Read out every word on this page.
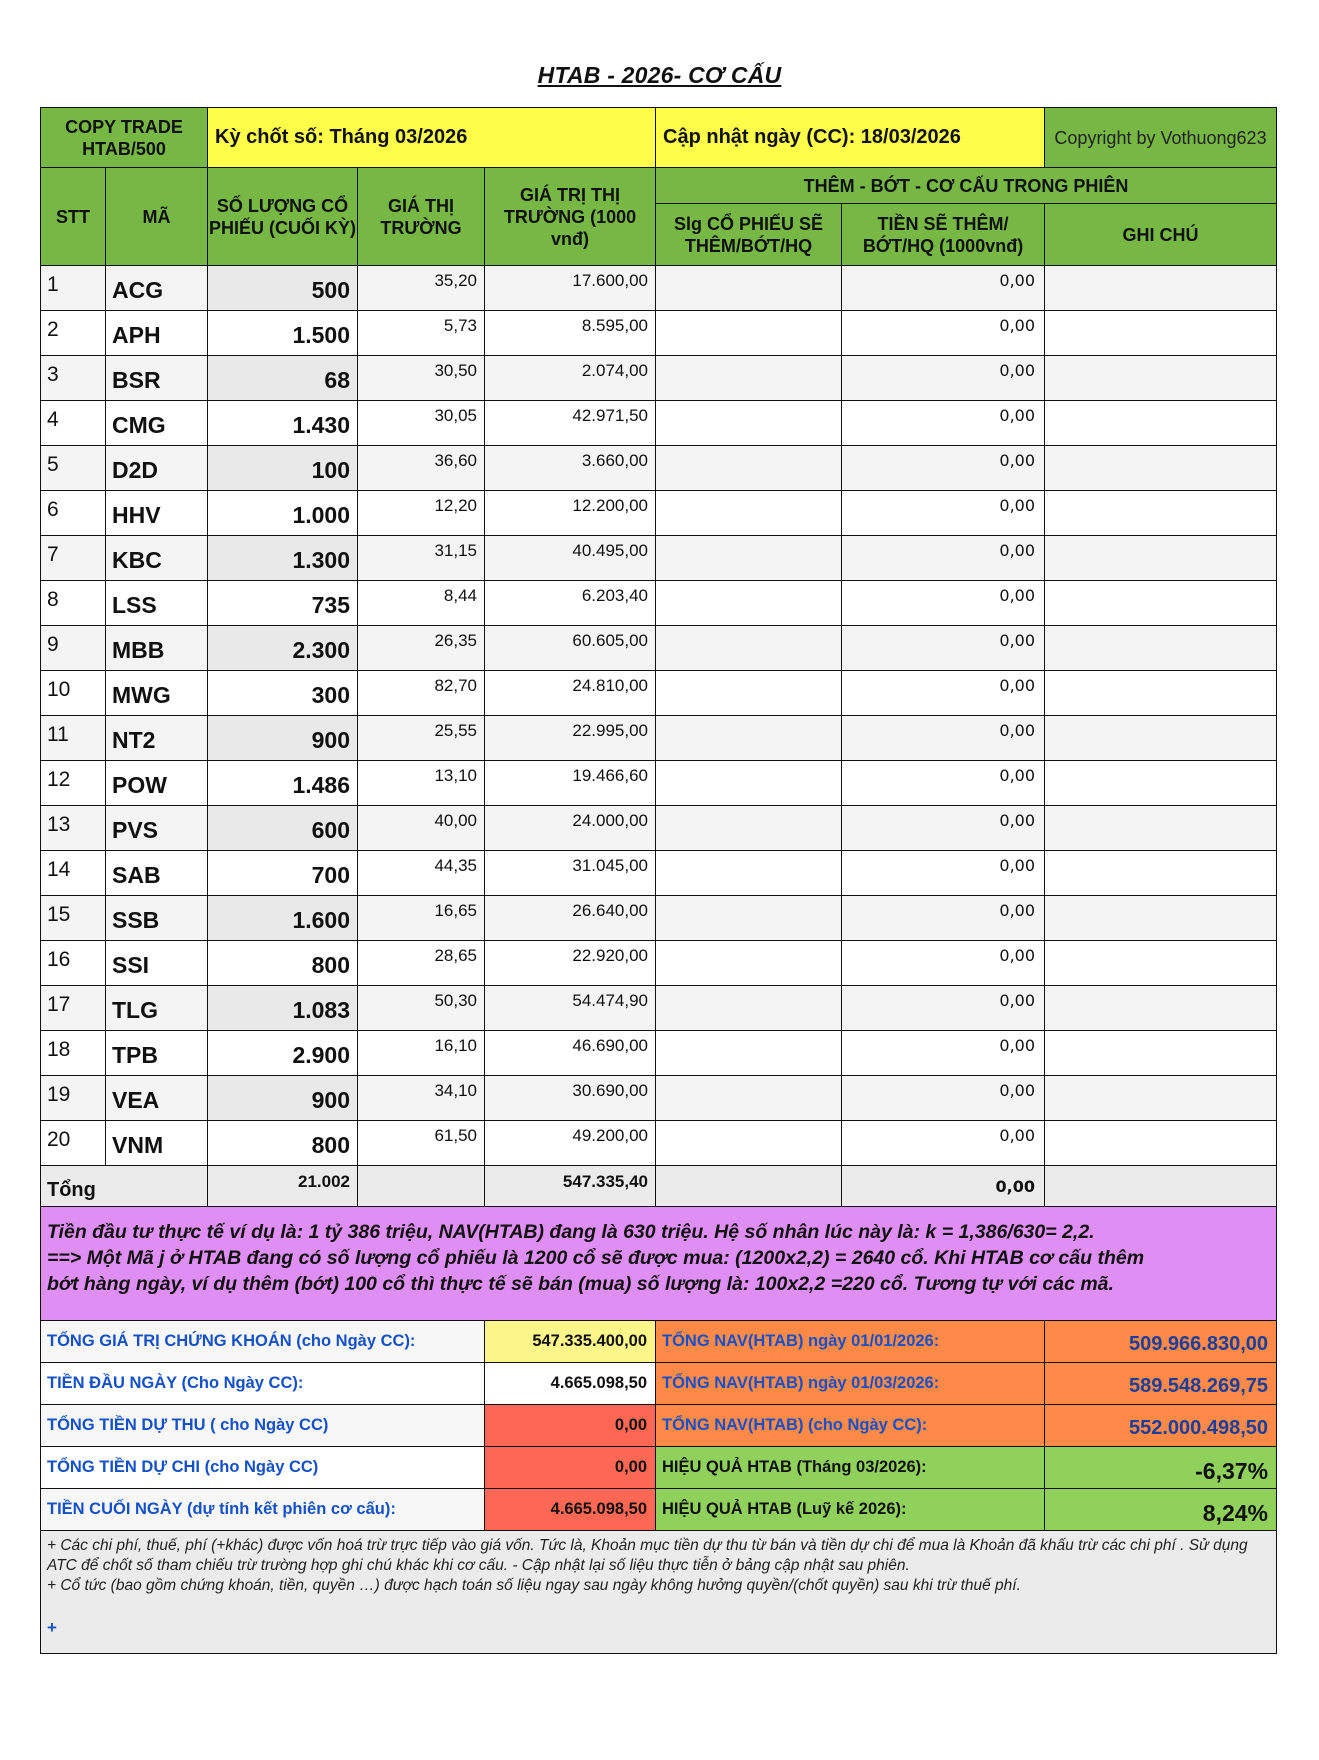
HTAB - 2026- CƠ CẤU
COPY TRADE HTAB/500		Kỳ chốt số: Tháng 03/2026			Cập nhật ngày (CC): 18/03/2026		Copyright by Vothuong623
STT	MÃ	SỐ LƯỢNG CỔ PHIẾU (CUỐI KỲ)	GIÁ THỊ TRƯỜNG	GIÁ TRỊ THỊ TRƯỜNG (1000 vnđ)	THÊM - BỚT - CƠ CẤU TRONG PHIÊN		
					Slg CỔ PHIẾU SẼ THÊM/BỚT/HQ	TIỀN SẼ THÊM/ BỚT/HQ (1000vnđ)	GHI CHÚ
1	ACG	500	35,20	17.600,00		0,00	
2	APH	1.500	5,73	8.595,00		0,00	
3	BSR	68	30,50	2.074,00		0,00	
4	CMG	1.430	30,05	42.971,50		0,00	
5	D2D	100	36,60	3.660,00		0,00	
6	HHV	1.000	12,20	12.200,00		0,00	
7	KBC	1.300	31,15	40.495,00		0,00	
8	LSS	735	8,44	6.203,40		0,00	
9	MBB	2.300	26,35	60.605,00		0,00	
10	MWG	300	82,70	24.810,00		0,00	
11	NT2	900	25,55	22.995,00		0,00	
12	POW	1.486	13,10	19.466,60		0,00	
13	PVS	600	40,00	24.000,00		0,00	
14	SAB	700	44,35	31.045,00		0,00	
15	SSB	1.600	16,65	26.640,00		0,00	
16	SSI	800	28,65	22.920,00		0,00	
17	TLG	1.083	50,30	54.474,90		0,00	
18	TPB	2.900	16,10	46.690,00		0,00	
19	VEA	900	34,10	30.690,00		0,00	
20	VNM	800	61,50	49.200,00		0,00	
Tổng		21.002		547.335,40		0,00	

Tiền đầu tư thực tế ví dụ là: 1 tỷ 386 triệu, NAV(HTAB) đang là 630 triệu. Hệ số nhân lúc này là: k = 1,386/630= 2,2.
==> Một Mã j ở HTAB đang có số lượng cổ phiếu là 1200 cổ sẽ được mua: (1200x2,2) = 2640 cổ. Khi HTAB cơ cấu thêm
bớt hàng ngày, ví dụ thêm (bớt) 100 cổ thì thực tế sẽ bán (mua) số lượng là: 100x2,2 =220 cổ. Tương tự với các mã.							

TỔNG GIÁ TRỊ CHỨNG KHOÁN (cho Ngày CC):				547.335.400,00	TỔNG NAV(HTAB) ngày 01/01/2026:		509.966.830,00
TIỀN ĐẦU NGÀY (Cho Ngày CC):				4.665.098,50	TỔNG NAV(HTAB) ngày 01/03/2026:		589.548.269,75
TỔNG TIỀN DỰ THU ( cho Ngày CC)				0,00	TỔNG NAV(HTAB) (cho Ngày CC):		552.000.498,50
TỔNG TIỀN DỰ CHI (cho Ngày CC)				0,00	HIỆU QUẢ HTAB (Tháng 03/2026):		-6,37%
TIỀN CUỐI NGÀY (dự tính kết phiên cơ cấu):				4.665.098,50	HIỆU QUẢ HTAB (Luỹ kế 2026):		8,24%
+ Các chi phí, thuế, phí (+khác) được vốn hoá trừ trực tiếp vào giá vốn. Tức là, Khoản mục tiền dự thu từ bán và tiền dự chi để mua là Khoản đã khấu trừ các chi phí . Sử dụng ATC để chốt số tham chiếu trừ trường hợp ghi chú khác khi cơ cấu. - Cập nhật lại số liệu thực tiễn ở bảng cập nhật sau phiên.
+ Cổ tức (bao gồm chứng khoán, tiền, quyền …) được hạch toán số liệu ngay sau ngày không hưởng quyền/(chốt quyền) sau khi trừ thuế phí.
+							
